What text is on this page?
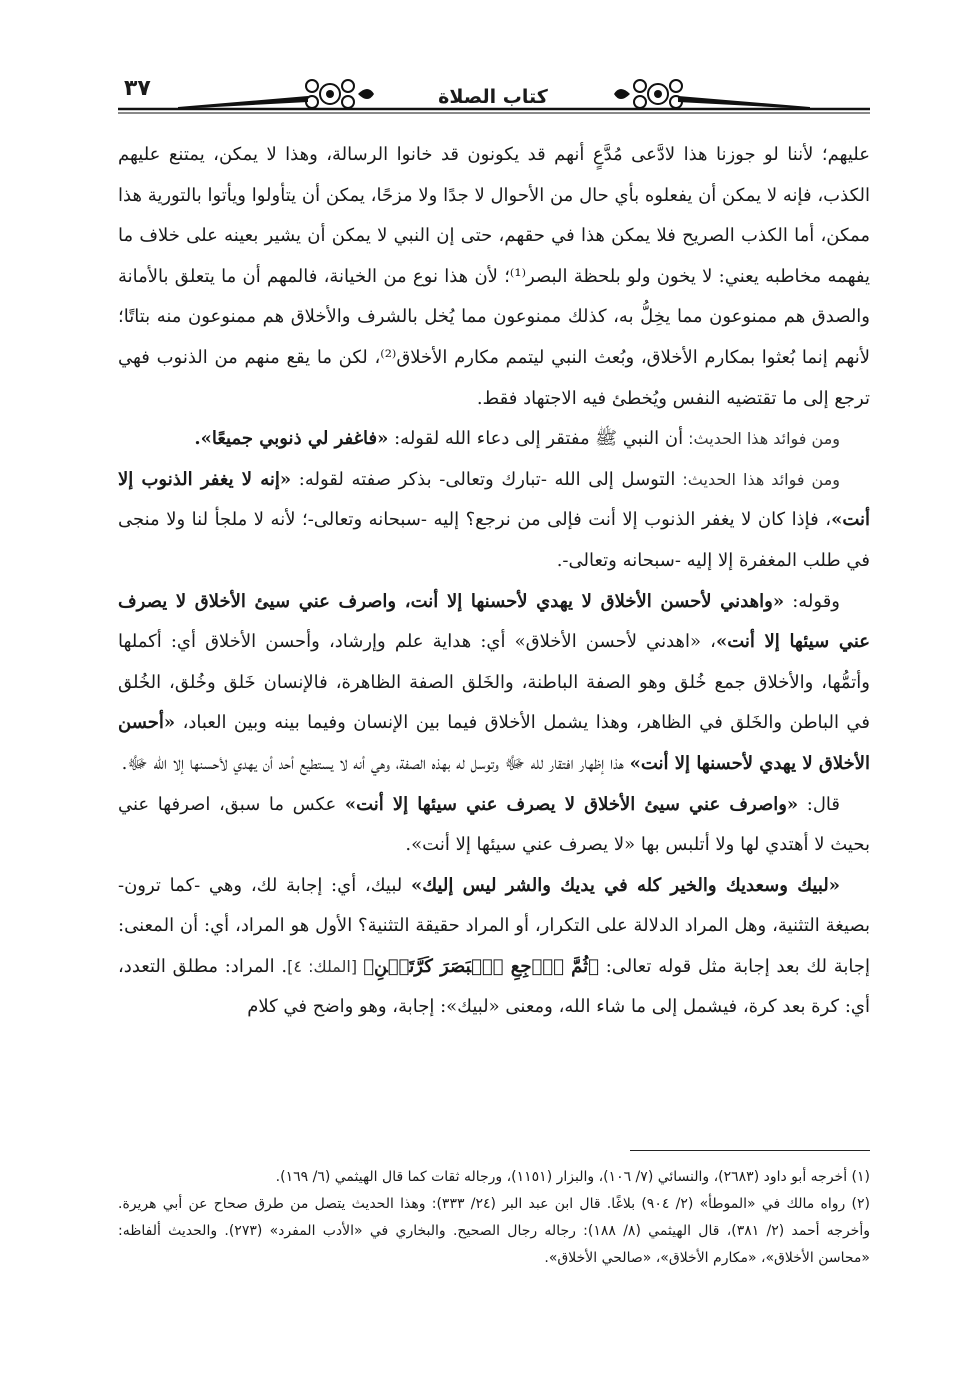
٣٧	كتاب الصلاة

عليهم؛ لأننا لو جوزنا هذا لادَّعى مُدَّعٍ أنهم قد يكونون قد خانوا الرسالة، وهذا لا يمكن، يمتنع عليهم الكذب، فإنه لا يمكن أن يفعلوه بأي حال من الأحوال لا جدًا ولا مزحًا، يمكن أن يتأولوا ويأتوا بالتورية هذا ممكن، أما الكذب الصريح فلا يمكن هذا في حقهم، حتى إن النبي لا يمكن أن يشير بعينه على خلاف ما يفهمه مخاطبه يعني: لا يخون ولو بلحظة البصر⁽¹⁾؛ لأن هذا نوع من الخيانة، فالمهم أن ما يتعلق بالأمانة والصدق هم ممنوعون مما يخِلُّ به، كذلك ممنوعون مما يُخل بالشرف والأخلاق هم ممنوعون منه بتاتًا؛ لأنهم إنما بُعثوا بمكارم الأخلاق، وبُعث النبي ليتمم مكارم الأخلاق⁽²⁾، لكن ما يقع منهم من الذنوب فهي ترجع إلى ما تقتضيه النفس ويُخطئ فيه الاجتهاد فقط.

ومن فوائد هذا الحديث: أن النبي ﷺ مفتقر إلى دعاء الله لقوله: «فاغفر لي ذنوبي جميعًا».

ومن فوائد هذا الحديث: التوسل إلى الله -تبارك وتعالى- بذكر صفته لقوله: «إنه لا يغفر الذنوب إلا أنت»، فإذا كان لا يغفر الذنوب إلا أنت فإلى من نرجع؟ إليه -سبحانه وتعالى-؛ لأنه لا ملجأ لنا ولا منجى في طلب المغفرة إلا إليه -سبحانه وتعالى-.

وقوله: «واهدني لأحسن الأخلاق لا يهدي لأحسنها إلا أنت، واصرف عني سيئ الأخلاق لا يصرف عني سيئها إلا أنت»، «اهدني لأحسن الأخلاق» أي: هداية علم وإرشاد، وأحسن الأخلاق أي: أكملها وأتمُّها، والأخلاق جمع خُلق وهو الصفة الباطنة، والخَلق الصفة الظاهرة، فالإنسان خَلق وخُلق، الخُلق في الباطن والخَلق في الظاهر، وهذا يشمل الأخلاق فيما بين الإنسان وفيما بينه وبين العباد، «أحسن الأخلاق لا يهدي لأحسنها إلا أنت» هذا إظهار افتقار لله ﷻ وتوسل له بهذه الصفة، وهي أنه لا يستطيع أحد أن يهدي لأحسنها إلا الله ﷻ.

قال: «واصرف عني سيئ الأخلاق لا يصرف عني سيئها إلا أنت» عكس ما سبق، اصرفها عني بحيث لا أهتدي لها ولا أتلبس بها «لا يصرف عني سيئها إلا أنت».

«لبيك وسعديك والخير كله في يديك والشر ليس إليك» لبيك، أي: إجابة لك، وهي -كما ترون- بصيغة التثنية، وهل المراد الدلالة على التكرار، أو المراد حقيقة التثنية؟ الأول هو المراد، أي: أن المعنى: إجابة لك بعد إجابة مثل قوله تعالى: ﴿ثُمَّ ٱرۡجِعِ ٱلۡبَصَرَ كَرَّتَيۡنِ﴾ [الملك: ٤]. المراد: مطلق التعدد، أي: كرة بعد كرة، فيشمل إلى ما شاء الله، ومعنى «لبيك»: إجابة، وهو واضح في كلام

(١) أخرجه أبو داود (٢٦٨٣)، والنسائي (٧/ ١٠٦)، والبزار (١١٥١)، ورجاله ثقات كما قال الهيثمي (٦/ ١٦٩).

(٢) رواه مالك في «الموطأ» (٢/ ٩٠٤) بلاغًا. قال ابن عبد البر (٢٤/ ٣٣٣): وهذا الحديث يتصل من طرق صحاح عن أبي هريرة. وأخرجه أحمد (٢/ ٣٨١)، قال الهيثمي (٨/ ١٨٨): رجاله رجال الصحيح. والبخاري في «الأدب المفرد» (٢٧٣). والحديث ألفاظه: «محاسن الأخلاق»، «مكارم الأخلاق»، «صالحي الأخلاق».
